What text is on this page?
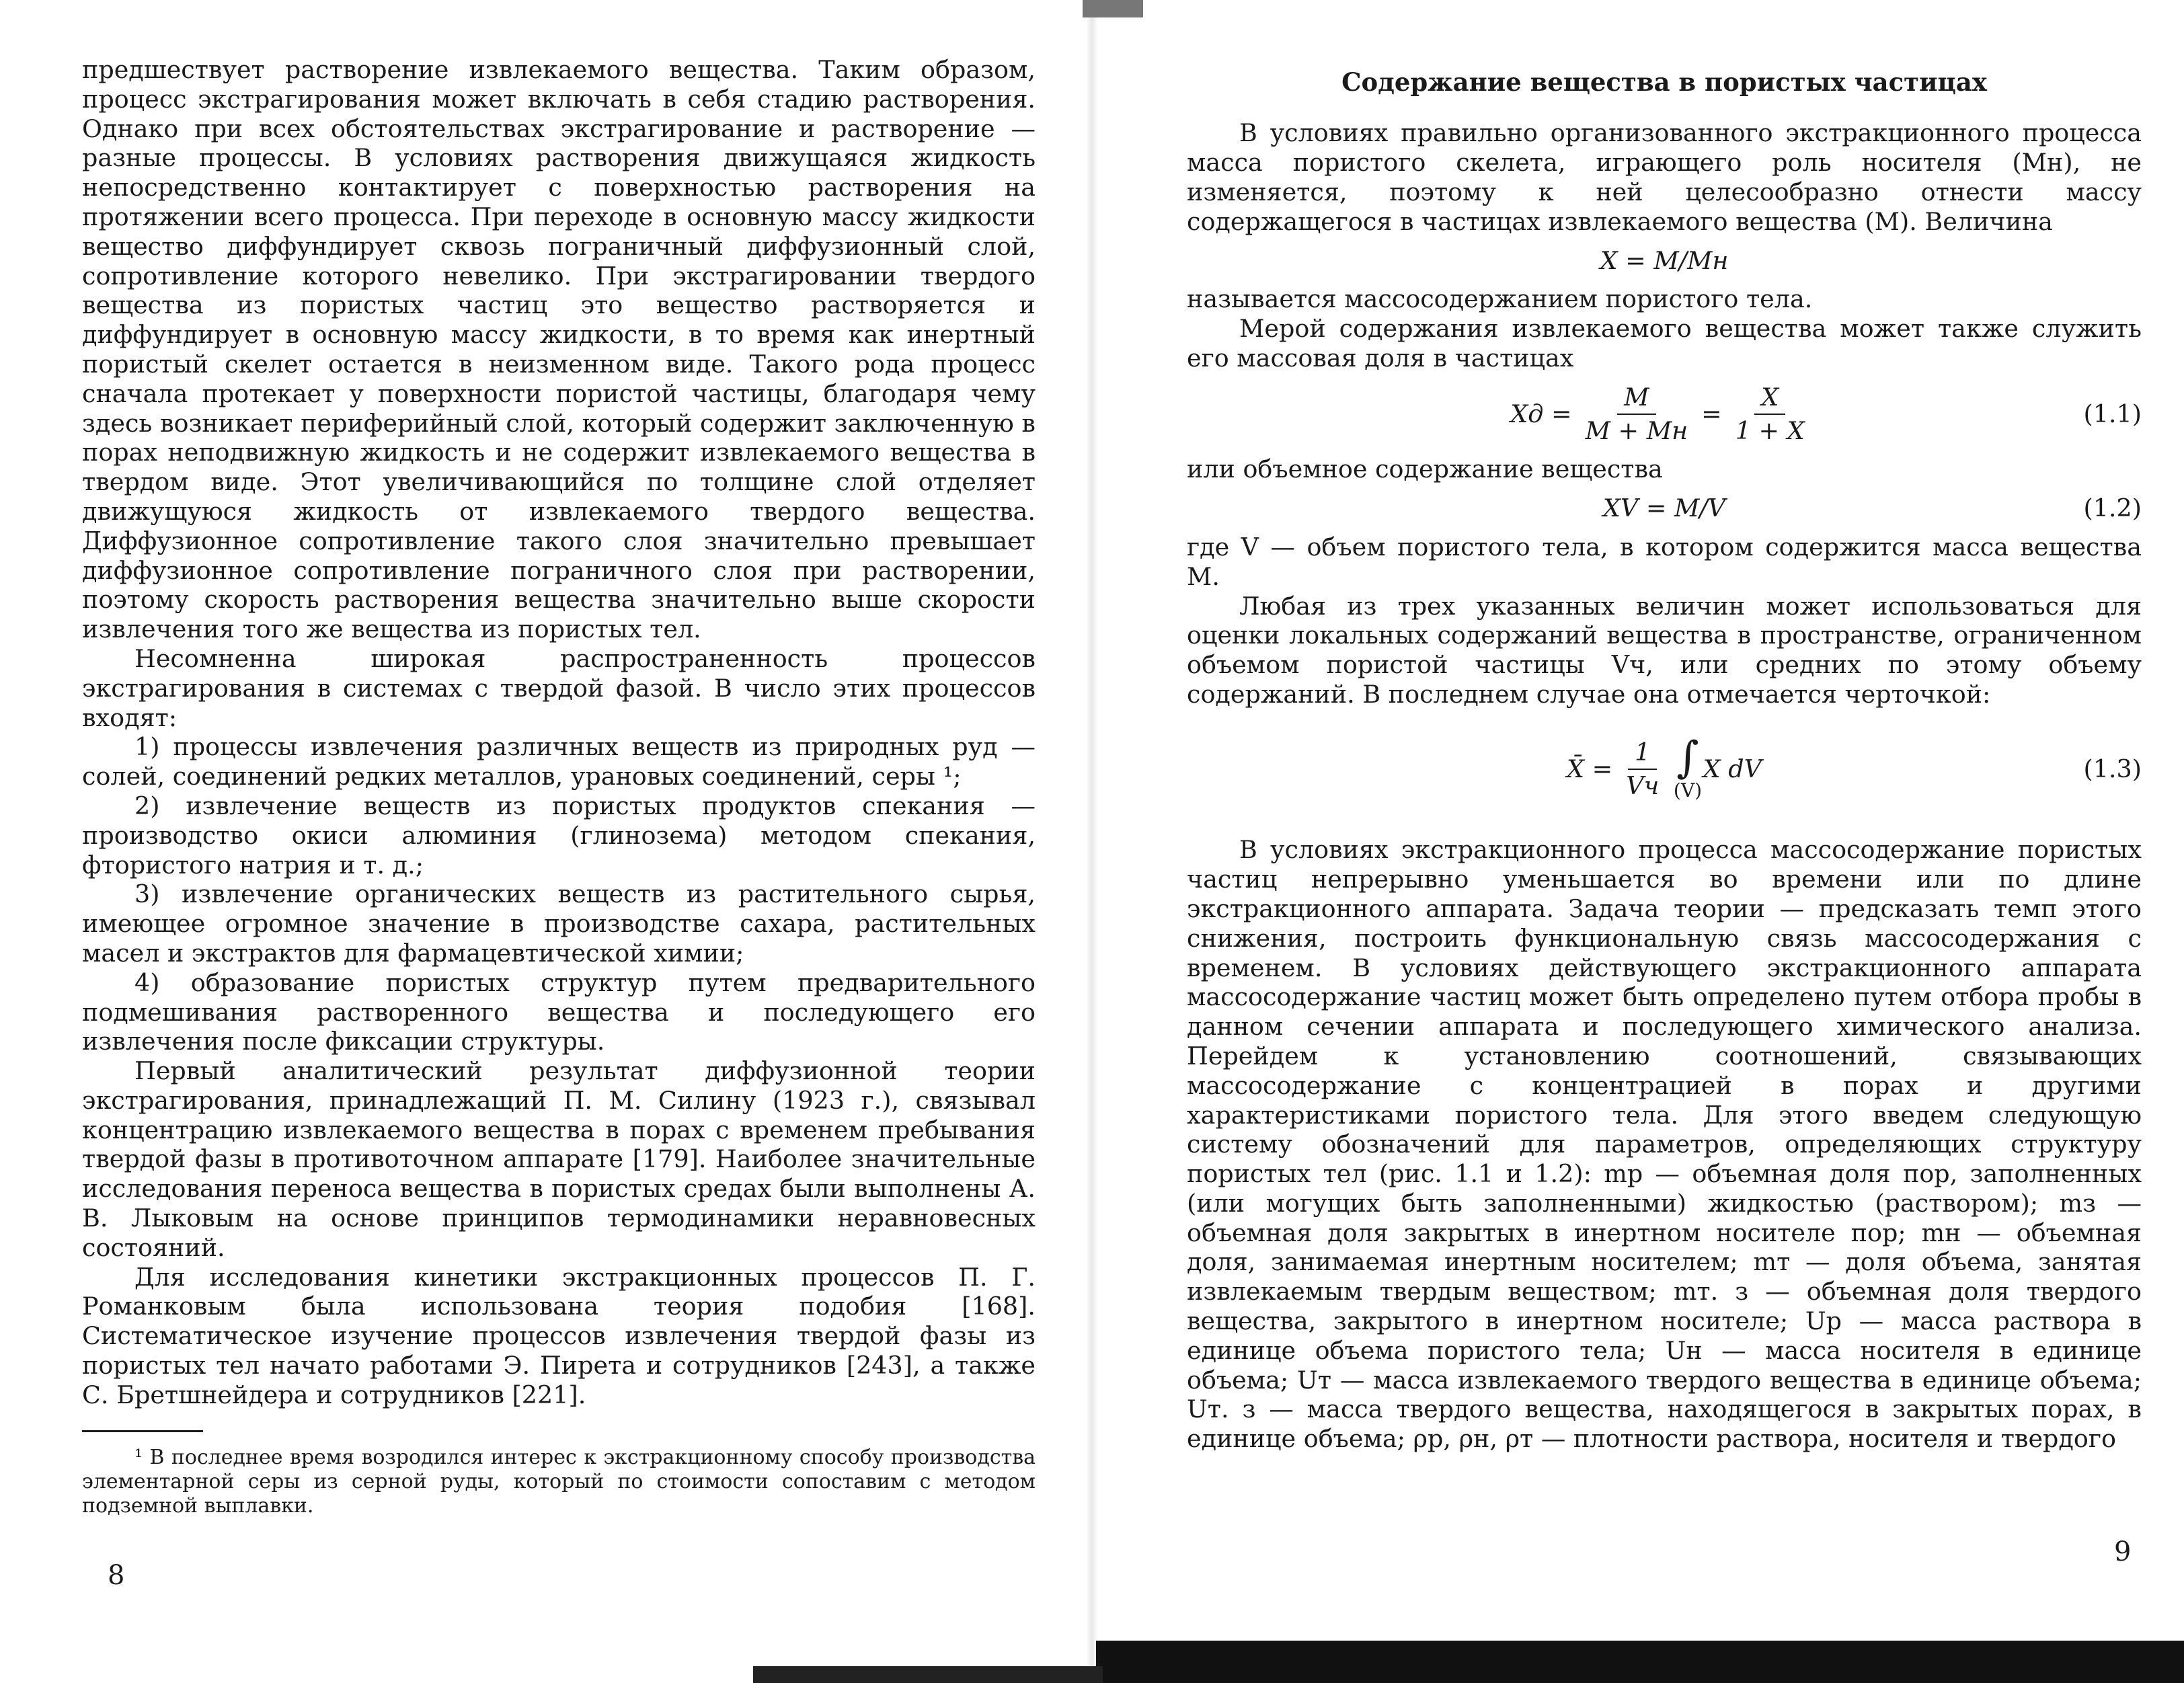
предшествует растворение извлекаемого вещества. Таким образом, процесс экстрагирования может включать в себя стадию растворения. Однако при всех обстоятельствах экстрагирование и растворение — разные процессы. В условиях растворения движущаяся жидкость непосредственно контактирует с поверхностью растворения на протяжении всего процесса. При переходе в основную массу жидкости вещество диффундирует сквозь пограничный диффузионный слой, сопротивление которого невелико. При экстрагировании твердого вещества из пористых частиц это вещество растворяется и диффундирует в основную массу жидкости, в то время как инертный пористый скелет остается в неизменном виде. Такого рода процесс сначала протекает у поверхности пористой частицы, благодаря чему здесь возникает периферийный слой, который содержит заключенную в порах неподвижную жидкость и не содержит извлекаемого вещества в твердом виде. Этот увеличивающийся по толщине слой отделяет движущуюся жидкость от извлекаемого твердого вещества. Диффузионное сопротивление такого слоя значительно превышает диффузионное сопротивление пограничного слоя при растворении, поэтому скорость растворения вещества значительно выше скорости извлечения того же вещества из пористых тел.

Несомненна широкая распространенность процессов экстрагирования в системах с твердой фазой. В число этих процессов входят:

1) процессы извлечения различных веществ из природных руд — солей, соединений редких металлов, урановых соединений, серы ¹;

2) извлечение веществ из пористых продуктов спекания — производство окиси алюминия (глинозема) методом спекания, фтористого натрия и т. д.;

3) извлечение органических веществ из растительного сырья, имеющее огромное значение в производстве сахара, растительных масел и экстрактов для фармацевтической химии;

4) образование пористых структур путем предварительного подмешивания растворенного вещества и последующего его извлечения после фиксации структуры.

Первый аналитический результат диффузионной теории экстрагирования, принадлежащий П. М. Силину (1923 г.), связывал концентрацию извлекаемого вещества в порах с временем пребывания твердой фазы в противоточном аппарате [179]. Наиболее значительные исследования переноса вещества в пористых средах были выполнены А. В. Лыковым на основе принципов термодинамики неравновесных состояний.

Для исследования кинетики экстракционных процессов П. Г. Романковым была использована теория подобия [168]. Систематическое изучение процессов извлечения твердой фазы из пористых тел начато работами Э. Пирета и сотрудников [243], а также С. Бретшнейдера и сотрудников [221].

¹ В последнее время возродился интерес к экстракционному способу производства элементарной серы из серной руды, который по стоимости сопоставим с методом подземной выплавки.

8
Содержание вещества в пористых частицах

В условиях правильно организованного экстракционного процесса масса пористого скелета, играющего роль носителя (Mн), не изменяется, поэтому к ней целесообразно отнести массу содержащегося в частицах извлекаемого вещества (M). Величина

X = M/Mн

называется массосодержанием пористого тела.

Мерой содержания извлекаемого вещества может также служить его массовая доля в частицах

Xд = $\frac{M}{M + Mн} = \frac{X}{1 + X}$	(1.1)

или объемное содержание вещества

XV = M/V	(1.2)

где V — объем пористого тела, в котором содержится масса вещества M.

Любая из трех указанных величин может использоваться для оценки локальных содержаний вещества в пространстве, ограниченном объемом пористой частицы Vч, или средних по этому объему содержаний. В последнем случае она отмечается черточкой:

X̄ = $\frac{1}{Vч}$ ∫
(V)
X dV	(1.3)

В условиях экстракционного процесса массосодержание пористых частиц непрерывно уменьшается во времени или по длине экстракционного аппарата. Задача теории — предсказать темп этого снижения, построить функциональную связь массосодержания с временем. В условиях действующего экстракционного аппарата массосодержание частиц может быть определено путем отбора пробы в данном сечении аппарата и последующего химического анализа. Перейдем к установлению соотношений, связывающих массосодержание с концентрацией в порах и другими характеристиками пористого тела. Для этого введем следующую систему обозначений для параметров, определяющих структуру пористых тел (рис. 1.1 и 1.2): mр — объемная доля пор, заполненных (или могущих быть заполненными) жидкостью (раствором); mз — объемная доля закрытых в инертном носителе пор; mн — объемная доля, занимаемая инертным носителем; mт — доля объема, занятая извлекаемым твердым веществом; mт. з — объемная доля твердого вещества, закрытого в инертном носителе; Uр — масса раствора в единице объема пористого тела; Uн — масса носителя в единице объема; Uт — масса извлекаемого твердого вещества в единице объема; Uт. з — масса твердого вещества, находящегося в закрытых порах, в единице объема; ρр, ρн, ρт — плотности раствора, носителя и твердого

9
